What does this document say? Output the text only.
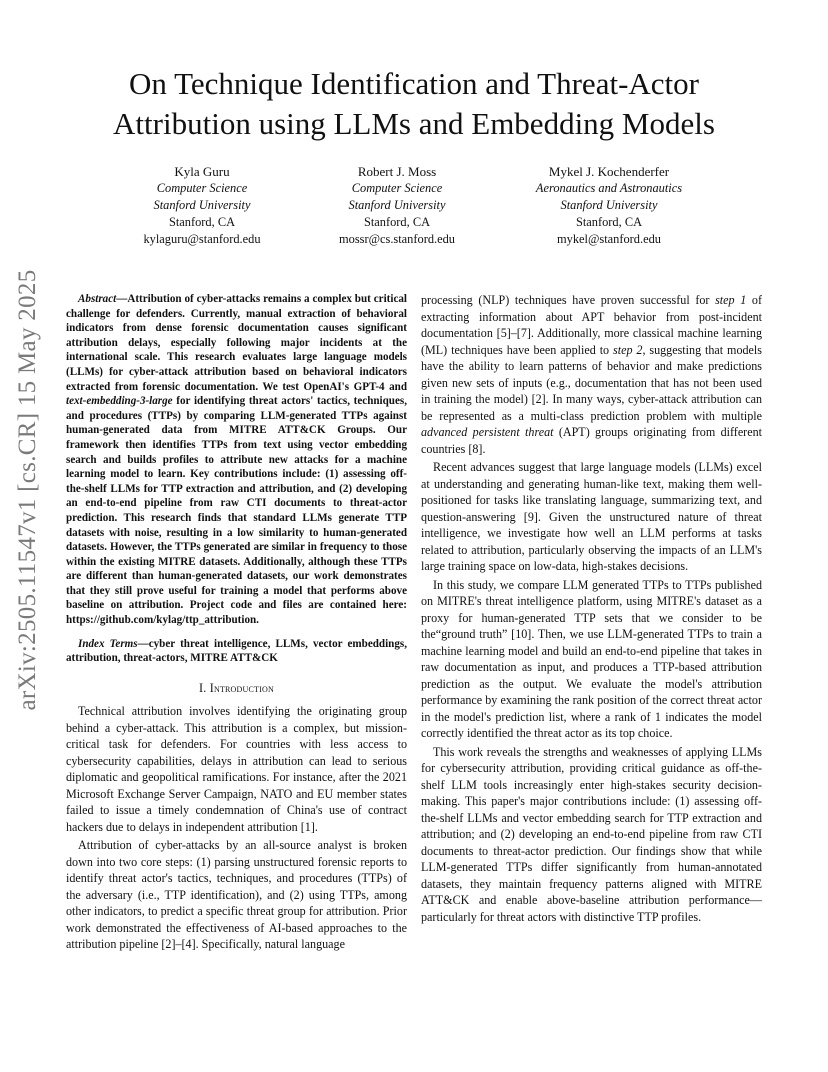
arXiv:2505.11547v1 [cs.CR] 15 May 2025
On Technique Identification and Threat-Actor
Attribution using LLMs and Embedding Models
Kyla Guru
Computer Science
Stanford University
Stanford, CA
kylaguru@stanford.edu
Robert J. Moss
Computer Science
Stanford University
Stanford, CA
mossr@cs.stanford.edu
Mykel J. Kochenderfer
Aeronautics and Astronautics
Stanford University
Stanford, CA
mykel@stanford.edu

Abstract—Attribution of cyber-attacks remains a complex but critical challenge for defenders. Currently, manual extraction of behavioral indicators from dense forensic documentation causes significant attribution delays, especially following major incidents at the international scale. This research evaluates large language models (LLMs) for cyber-attack attribution based on behavioral indicators extracted from forensic documentation. We test OpenAI's GPT-4 and text-embedding-3-large for identifying threat actors' tactics, techniques, and procedures (TTPs) by comparing LLM-generated TTPs against human-generated data from MITRE ATT&CK Groups. Our framework then identifies TTPs from text using vector embedding search and builds profiles to attribute new attacks for a machine learning model to learn. Key contributions include: (1) assessing off-the-shelf LLMs for TTP extraction and attribution, and (2) developing an end-to-end pipeline from raw CTI documents to threat-actor prediction. This research finds that standard LLMs generate TTP datasets with noise, resulting in a low similarity to human-generated datasets. However, the TTPs generated are similar in frequency to those within the existing MITRE datasets. Additionally, although these TTPs are different than human-generated datasets, our work demonstrates that they still prove useful for training a model that performs above baseline on attribution. Project code and files are contained here: https://github.com/kylag/ttp_attribution.

Index Terms—cyber threat intelligence, LLMs, vector embeddings, attribution, threat-actors, MITRE ATT&CK

I. Introduction

Technical attribution involves identifying the originating group behind a cyber-attack. This attribution is a complex, but mission-critical task for defenders. For countries with less access to cybersecurity capabilities, delays in attribution can lead to serious diplomatic and geopolitical ramifications. For instance, after the 2021 Microsoft Exchange Server Campaign, NATO and EU member states failed to issue a timely condemnation of China's use of contract hackers due to delays in independent attribution [1].

Attribution of cyber-attacks by an all-source analyst is broken down into two core steps: (1) parsing unstructured forensic reports to identify threat actor's tactics, techniques, and procedures (TTPs) of the adversary (i.e., TTP identification), and (2) using TTPs, among other indicators, to predict a specific threat group for attribution. Prior work demonstrated the effectiveness of AI-based approaches to the attribution pipeline [2]–[4]. Specifically, natural language

processing (NLP) techniques have proven successful for step 1 of extracting information about APT behavior from post-incident documentation [5]–[7]. Additionally, more classical machine learning (ML) techniques have been applied to step 2, suggesting that models have the ability to learn patterns of behavior and make predictions given new sets of inputs (e.g., documentation that has not been used in training the model) [2]. In many ways, cyber-attack attribution can be represented as a multi-class prediction problem with multiple advanced persistent threat (APT) groups originating from different countries [8].

Recent advances suggest that large language models (LLMs) excel at understanding and generating human-like text, making them well-positioned for tasks like translating language, summarizing text, and question-answering [9]. Given the unstructured nature of threat intelligence, we investigate how well an LLM performs at tasks related to attribution, particularly observing the impacts of an LLM's large training space on low-data, high-stakes decisions.

In this study, we compare LLM generated TTPs to TTPs published on MITRE's threat intelligence platform, using MITRE's dataset as a proxy for human-generated TTP sets that we consider to be the“ground truth” [10]. Then, we use LLM-generated TTPs to train a machine learning model and build an end-to-end pipeline that takes in raw documentation as input, and produces a TTP-based attribution prediction as the output. We evaluate the model's attribution performance by examining the rank position of the correct threat actor in the model's prediction list, where a rank of 1 indicates the model correctly identified the threat actor as its top choice.

This work reveals the strengths and weaknesses of applying LLMs for cybersecurity attribution, providing critical guidance as off-the-shelf LLM tools increasingly enter high-stakes security decision-making. This paper's major contributions include: (1) assessing off-the-shelf LLMs and vector embedding search for TTP extraction and attribution; and (2) developing an end-to-end pipeline from raw CTI documents to threat-actor prediction. Our findings show that while LLM-generated TTPs differ significantly from human-annotated datasets, they maintain frequency patterns aligned with MITRE ATT&CK and enable above-baseline attribution performance—particularly for threat actors with distinctive TTP profiles.
